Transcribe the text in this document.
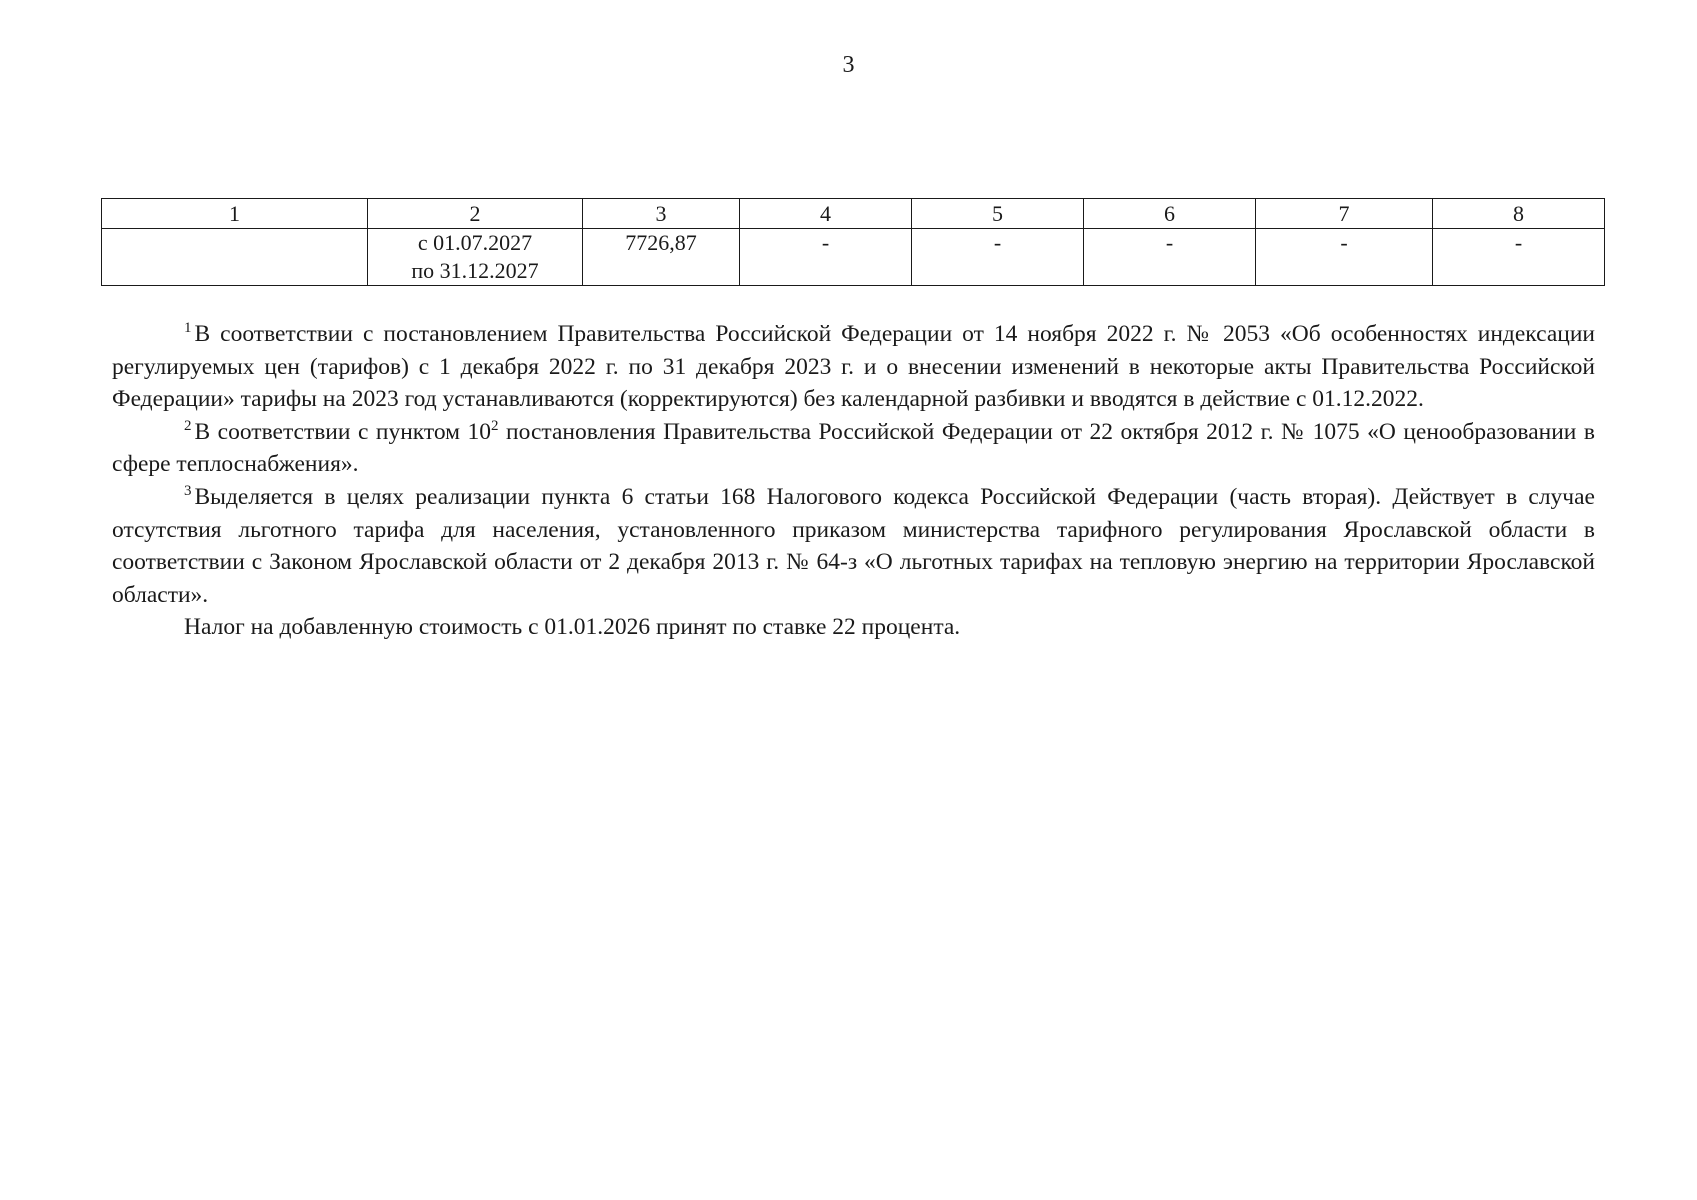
3
1	2	3	4	5	6	7	8

	с 01.07.2027
по 31.12.2027	7726,87	-	-	-	-	-

$^1$ В соответствии с постановлением Правительства Российской Федерации от 14 ноября 2022 г. № 2053 «Об особенностях индексации регулируемых цен (тарифов) с 1 декабря 2022 г. по 31 декабря 2023 г. и о внесении изменений в некоторые акты Правительства Российской Федерации» тарифы на 2023 год устанавливаются (корректируются) без календарной разбивки и вводятся в действие с 01.12.2022.

$^2$ В соответствии с пунктом $10^2$ постановления Правительства Российской Федерации от 22 октября 2012 г. № 1075 «О ценообразовании в сфере теплоснабжения».

$^3$ Выделяется в целях реализации пункта 6 статьи 168 Налогового кодекса Российской Федерации (часть вторая). Действует в случае отсутствия льготного тарифа для населения, установленного приказом министерства тарифного регулирования Ярославской области в соответствии с Законом Ярославской области от 2 декабря 2013 г. № 64-з «О льготных тарифах на тепловую энергию на территории Ярославской области».

Налог на добавленную стоимость с 01.01.2026 принят по ставке 22 процента.
